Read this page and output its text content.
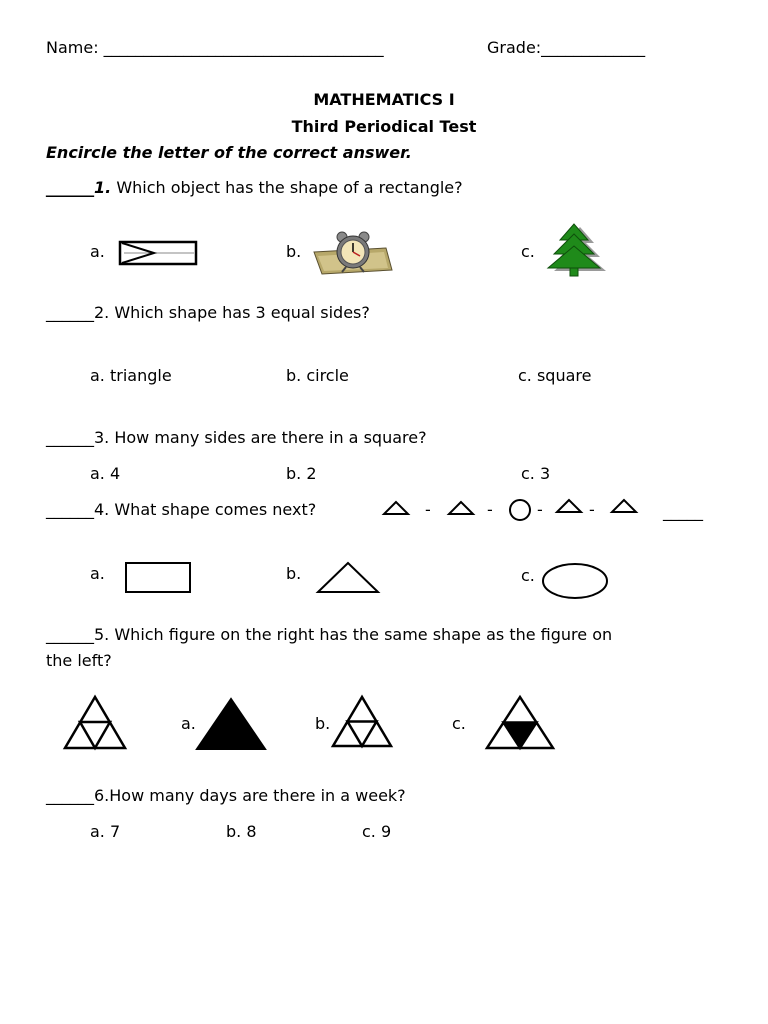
Name: ___________________________________	Grade:_____________
MATHEMATICS I
Third Periodical Test
Encircle the letter of the correct answer.
______1. Which object has the shape of a rectangle?
a.	b.	c.
______2. Which shape has 3 equal sides?
a. triangle	b. circle	c. square
______3. How many sides are there in a square?
a. 4	b. 2	c. 3
______4. What shape comes next?	-	-	-	-	_____
a.	b.	c.
______5. Which figure on the right has the same shape as the figure on
the left?
a.	b.	c.
______6.How many days are there in a week?
a. 7	b. 8	c. 9
